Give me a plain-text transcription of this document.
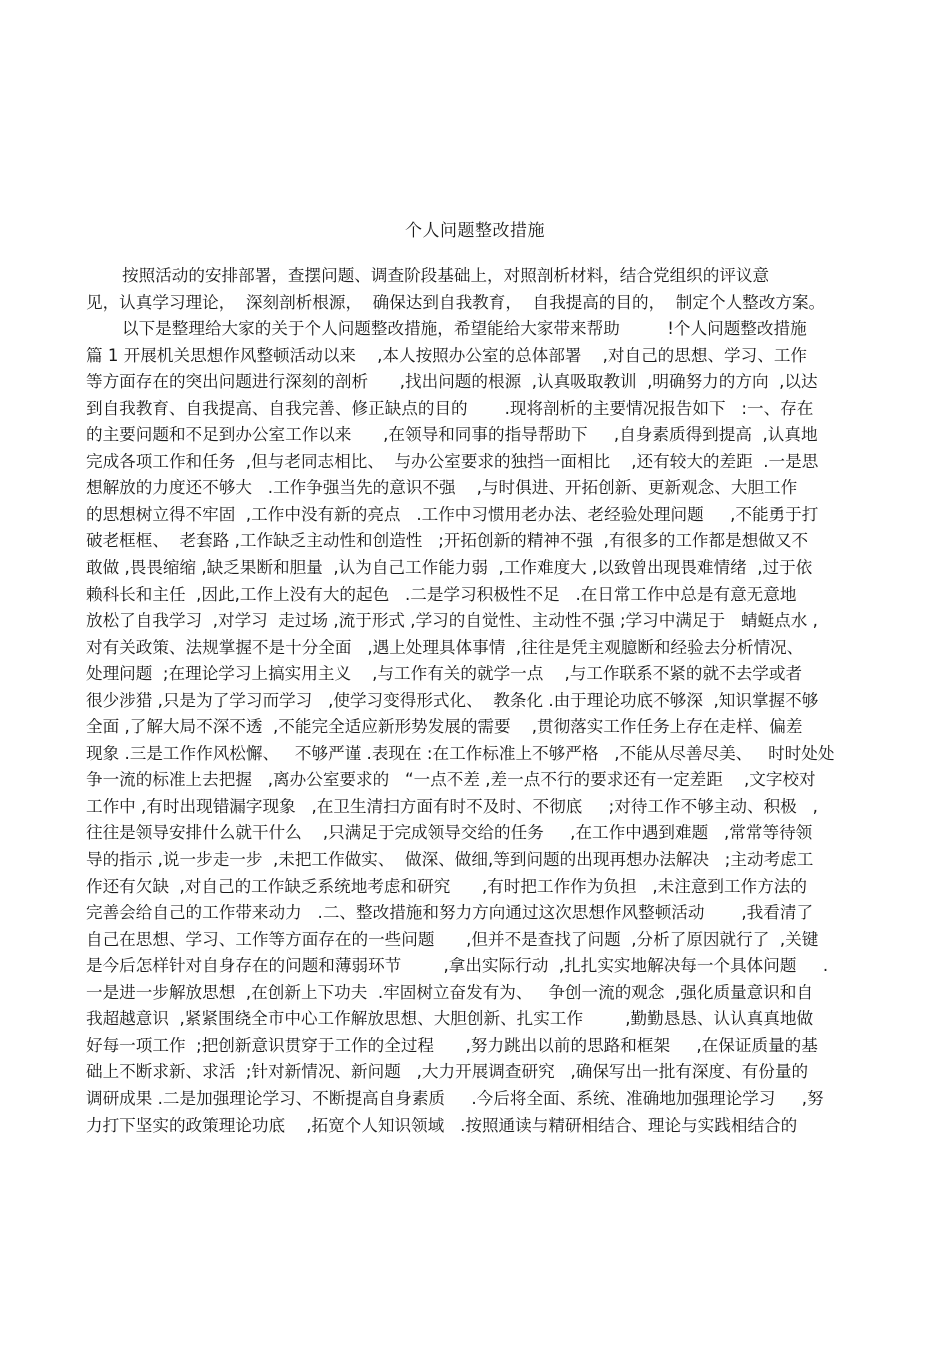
个人问题整改措施
按照活动的安排部署，查摆问题、调查阶段基础上，对照剖析材料，结合党组织的评议意
见，认真学习理论，  深刻剖析根源，  确保达到自我教育，  自我提高的目的，  制定个人整改方案。
以下是整理给大家的关于个人问题整改措施，希望能给大家带来帮助         !个人问题整改措施
篇 1 开展机关思想作风整顿活动以来    ,本人按照办公室的总体部署    ,对自己的思想、学习、工作
等方面存在的突出问题进行深刻的剖析      ,找出问题的根源  ,认真吸取教训  ,明确努力的方向  ,以达
到自我教育、自我提高、自我完善、修正缺点的目的       .现将剖析的主要情况报告如下   :一、存在
的主要问题和不足到办公室工作以来      ,在领导和同事的指导帮助下     ,自身素质得到提高  ,认真地
完成各项工作和任务  ,但与老同志相比、  与办公室要求的独挡一面相比    ,还有较大的差距  .一是思
想解放的力度还不够大   .工作争强当先的意识不强    ,与时俱进、开拓创新、更新观念、大胆工作
的思想树立得不牢固  ,工作中没有新的亮点   .工作中习惯用老办法、老经验处理问题     ,不能勇于打
破老框框、  老套路 ,工作缺乏主动性和创造性   ;开拓创新的精神不强  ,有很多的工作都是想做又不
敢做 ,畏畏缩缩 ,缺乏果断和胆量  ,认为自己工作能力弱  ,工作难度大 ,以致曾出现畏难情绪  ,过于依
赖科长和主任  ,因此,工作上没有大的起色   .二是学习积极性不足   .在日常工作中总是有意无意地
放松了自我学习  ,对学习  走过场 ,流于形式 ,学习的自觉性、主动性不强 ;学习中满足于   蜻蜓点水 ,
对有关政策、法规掌握不是十分全面   ,遇上处理具体事情  ,往往是凭主观臆断和经验去分析情况、
处理问题  ;在理论学习上搞实用主义    ,与工作有关的就学一点    ,与工作联系不紧的就不去学或者
很少涉猎 ,只是为了学习而学习   ,使学习变得形式化、  教条化 .由于理论功底不够深  ,知识掌握不够
全面 ,了解大局不深不透  ,不能完全适应新形势发展的需要    ,贯彻落实工作任务上存在走样、偏差
现象 .三是工作作风松懈、   不够严谨 .表现在 :在工作标准上不够严格   ,不能从尽善尽美、   时时处处
争一流的标准上去把握   ,离办公室要求的   “一点不差 ,差一点不行的要求还有一定差距    ,文字校对
工作中 ,有时出现错漏字现象   ,在卫生清扫方面有时不及时、不彻底     ;对待工作不够主动、积极   ,
往往是领导安排什么就干什么    ,只满足于完成领导交给的任务     ,在工作中遇到难题   ,常常等待领
导的指示 ,说一步走一步  ,未把工作做实、  做深、做细,等到问题的出现再想办法解决   ;主动考虑工
作还有欠缺  ,对自己的工作缺乏系统地考虑和研究      ,有时把工作作为负担   ,未注意到工作方法的
完善会给自己的工作带来动力   .二、整改措施和努力方向通过这次思想作风整顿活动       ,我看清了
自己在思想、学习、工作等方面存在的一些问题      ,但并不是查找了问题  ,分析了原因就行了  ,关键
是今后怎样针对自身存在的问题和薄弱环节        ,拿出实际行动  ,扎扎实实地解决每一个具体问题     .
一是进一步解放思想  ,在创新上下功夫  .牢固树立奋发有为、   争创一流的观念  ,强化质量意识和自
我超越意识  ,紧紧围绕全市中心工作解放思想、大胆创新、扎实工作        ,勤勤恳恳、认认真真地做
好每一项工作  ;把创新意识贯穿于工作的全过程      ,努力跳出以前的思路和框架     ,在保证质量的基
础上不断求新、求活  ;针对新情况、新问题   ,大力开展调查研究   ,确保写出一批有深度、有份量的
调研成果 .二是加强理论学习、不断提高自身素质     .今后将全面、系统、准确地加强理论学习     ,努
力打下坚实的政策理论功底    ,拓宽个人知识领域   .按照通读与精研相结合、理论与实践相结合的
